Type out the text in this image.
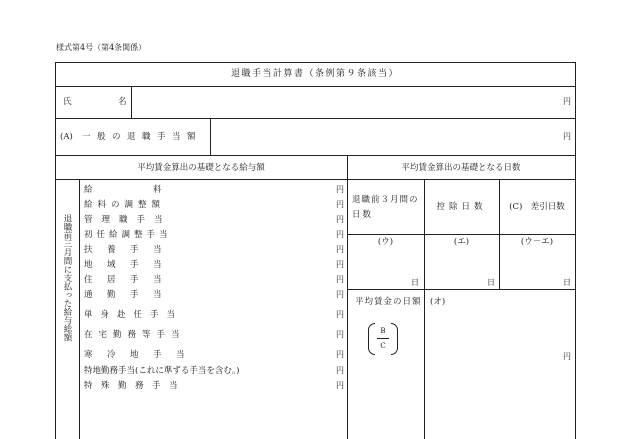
様式第4号（第4条関係）
退職手当計算書（条例第９条該当）
氏	名	円
(A) 一般の退職手当額	円
平均賃金算出の基礎となる給与額	平均賃金算出の基礎となる日数
退職前三月間に支払った給与総額
給　　　　　料	円
給料の調整額	円
管理職手当	円
初任給調整手当	円
扶　養　手　当	円
地　域　手　当	円
住　居　手　当	円
通　勤　手　当	円
単身赴任手当	円
在宅勤務等手当	円
寒　冷　地　手　当	円
特地勤務手当(これに準ずる手当を含む。)	円
特　殊　勤　務　手　当	円
退職前３月間の
日数
控除日数	(C)　差引日数
(ウ)	(エ)	(ウ－エ)
日	日	日
平均賃金の日額 (オ)
B
C
円
